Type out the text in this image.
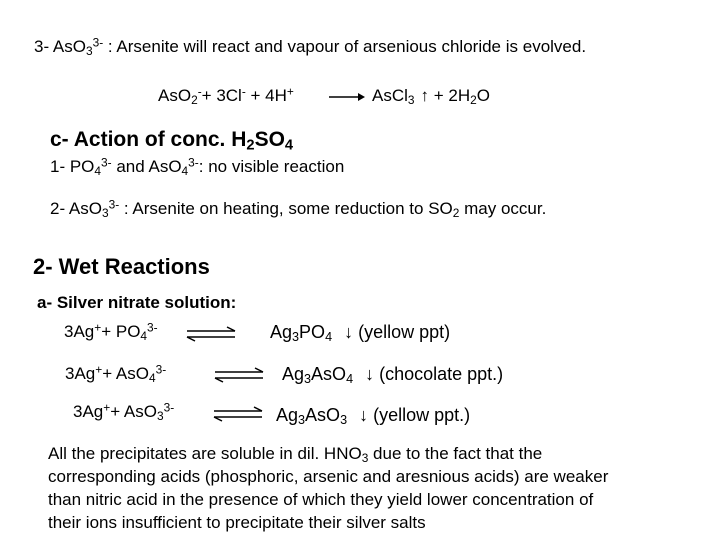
3- AsO$_3^{3-}$ : Arsenite will react and vapour of arsenious chloride is evolved.
AsO$_2$-+ 3Cl- + 4H+ → AsCl$_3$ ↑ + $2H_2O$
c- Action of conc. $H_2SO_4$
1- $PO_4^{3-}$ and AsO$_4^{3-}$: no visible reaction
2- AsO$_3^{3-}$ : Arsenite on heating, some reduction to $SO_2$ may occur.
2- Wet Reactions
a- Silver nitrate solution:
$3Ag^++ PO_4^{3-}$	$Ag_3PO_4$ ↓ (yellow ppt)
3Ag++ AsO$_4^{3-}$	⇌ $Ag_3AsO_4$ ↓ (chocolate ppt.)
3Ag++ AsO$_3^{3-}$ ⇌ $Ag_3AsO_3$ ↓ (yellow ppt.)
All the precipitates are soluble in dil. $HNO_3$ due to the fact that the
corresponding acids (phosphoric, arsenic and aresnious acids) are weaker
than nitric acid in the presence of which they yield lower concentration of
their ions insufficient to precipitate their silver salts
